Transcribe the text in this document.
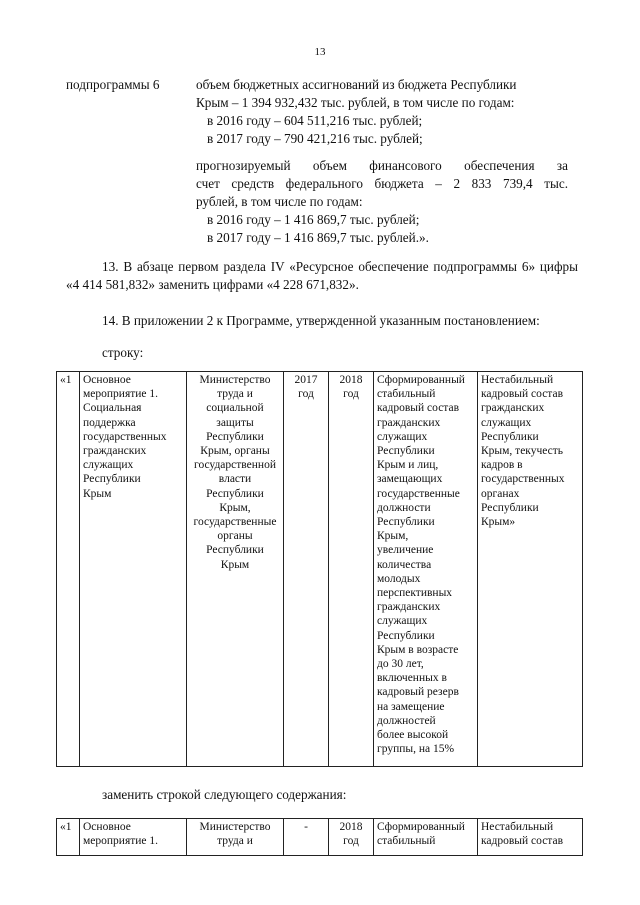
13
подпрограммы 6	объем бюджетных ассигнований из бюджета Республики
Крым – 1 394 932,432 тыс. рублей, в том числе по годам:
в 2016 году – 604 511,216 тыс. рублей;
в 2017 году – 790 421,216 тыс. рублей;
прогнозируемый объем финансового обеспечения за
счет средств федерального бюджета – 2 833 739,4 тыс.
рублей, в том числе по годам:
в 2016 году – 1 416 869,7 тыс. рублей;
в 2017 году – 1 416 869,7 тыс. рублей.».
13. В абзаце первом раздела IV «Ресурсное обеспечение подпрограммы 6» цифры «4 414 581,832» заменить цифрами «4 228 671,832».
14. В приложении 2 к Программе, утвержденной указанным постановлением:
строку:
«1	Основное
мероприятие 1.
Социальная
поддержка
государственных
гражданских
служащих
Республики
Крым	Министерство
труда и
социальной
защиты
Республики
Крым, органы
государственной
власти
Республики
Крым,
государственные
органы
Республики
Крым	2017
год	2018
год	Сформированный
стабильный
кадровый состав
гражданских
служащих
Республики
Крым и лиц,
замещающих
государственные
должности
Республики
Крым,
увеличение
количества
молодых
перспективных
гражданских
служащих
Республики
Крым в возрасте
до 30 лет,
включенных в
кадровый резерв
на замещение
должностей
более высокой
группы, на 15%	Нестабильный
кадровый состав
гражданских
служащих
Республики
Крым, текучесть
кадров в
государственных
органах
Республики
Крым»
заменить строкой следующего содержания:
«1	Основное
мероприятие 1.	Министерство
труда и	-	2018
год	Сформированный
стабильный	Нестабильный
кадровый состав
